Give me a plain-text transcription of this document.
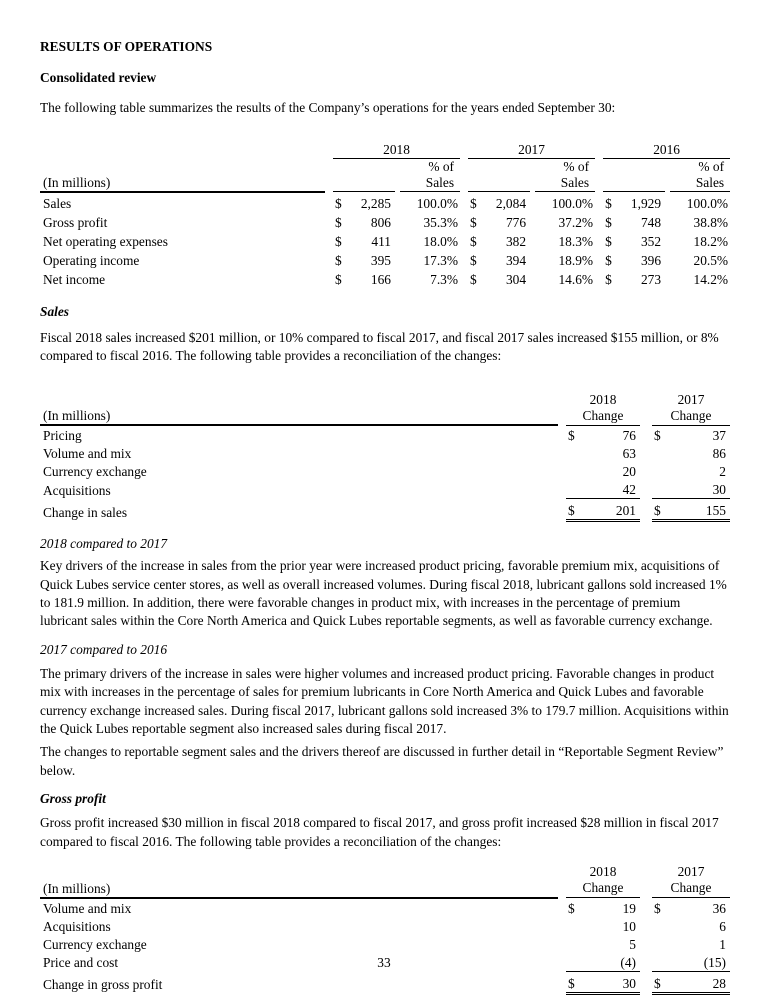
RESULTS OF OPERATIONS

Consolidated review

The following table summarizes the results of the Company’s operations for the years ended September 30:

		2018					2017					2016			
(In millions)					% of Sales					% of Sales					% of Sales
Sales		$	2,285		100.0%		$	2,084		100.0%		$	1,929		100.0%
Gross profit		$	806		35.3%		$	776		37.2%		$	748		38.8%
Net operating expenses		$	411		18.0%		$	382		18.3%		$	352		18.2%
Operating income		$	395		17.3%		$	394		18.9%		$	396		20.5%
Net income		$	166		7.3%		$	304		14.6%		$	273		14.2%

Sales

Fiscal 2018 sales increased $201 million, or 10% compared to fiscal 2017, and fiscal 2017 sales increased $155 million, or 8% compared to fiscal 2016. The following table provides a reconciliation of the changes:

(In millions)		
2018
Change

2017
Change

Pricing		$	76		$	37
Volume and mix			63			86
Currency exchange			20			2
Acquisitions			42			30
Change in sales		$	201		$	155

2018 compared to 2017

Key drivers of the increase in sales from the prior year were increased product pricing, favorable premium mix, acquisitions of Quick Lubes service center stores, as well as overall increased volumes. During fiscal 2018, lubricant gallons sold increased 1% to 181.9 million. In addition, there were favorable changes in product mix, with increases in the percentage of premium lubricant sales within the Core North America and Quick Lubes reportable segments, as well as favorable currency exchange.

2017 compared to 2016

The primary drivers of the increase in sales were higher volumes and increased product pricing. Favorable changes in product mix with increases in the percentage of sales for premium lubricants in Core North America and Quick Lubes and favorable currency exchange increased sales. During fiscal 2017, lubricant gallons sold increased 3% to 179.7 million. Acquisitions within the Quick Lubes reportable segment also increased sales during fiscal 2017.

The changes to reportable segment sales and the drivers thereof are discussed in further detail in “Reportable Segment Review” below.

Gross profit

Gross profit increased $30 million in fiscal 2018 compared to fiscal 2017, and gross profit increased $28 million in fiscal 2017 compared to fiscal 2016. The following table provides a reconciliation of the changes:

(In millions)		
2018
Change

2017
Change

Volume and mix		$	19		$	36
Acquisitions			10			6
Currency exchange			5			1
Price and cost			(4)			(15)
Change in gross profit		$	30		$	28
33
